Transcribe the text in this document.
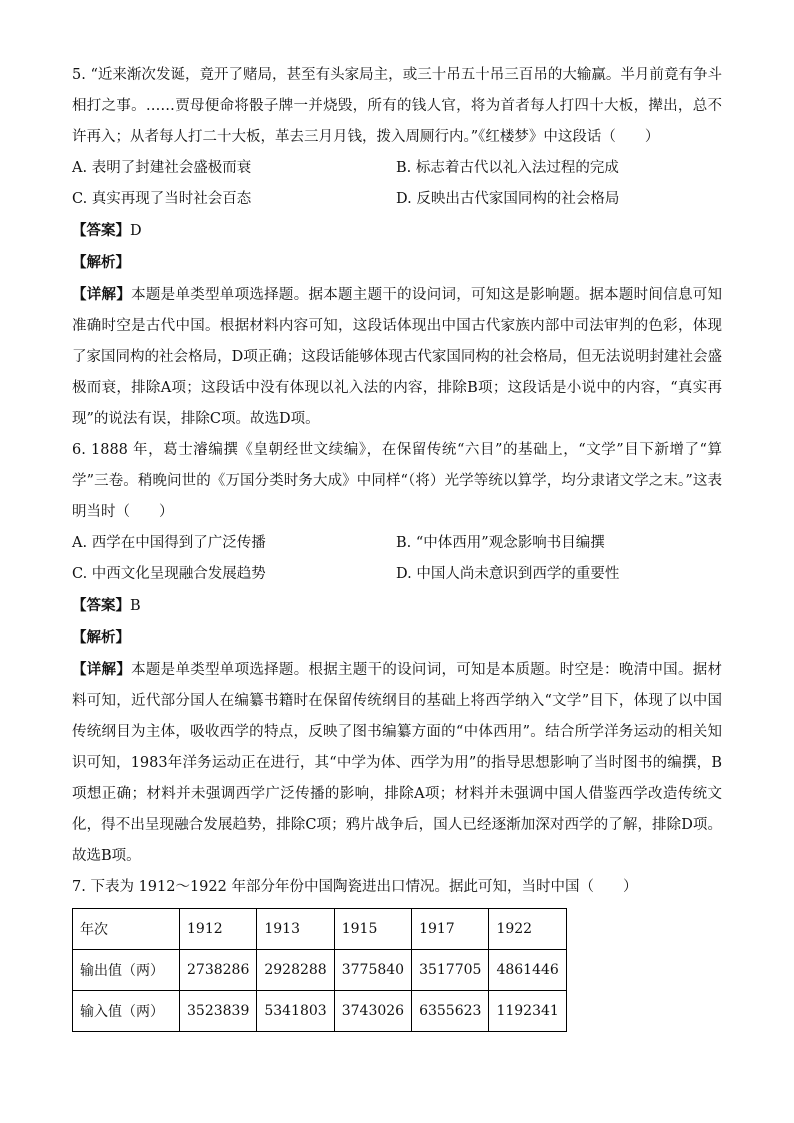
5. “近来渐次发诞，竟开了赌局，甚至有头家局主，或三十吊五十吊三百吊的大输赢。半月前竟有争斗相打之事。……贾母便命将骰子牌一并烧毁，所有的钱人官，将为首者每人打四十大板，撵出，总不许再入；从者每人打二十大板，革去三月月钱，拨入周厕行内。”《红楼梦》中这段话（　　）

A. 表明了封建社会盛极而衰	B. 标志着古代以礼入法过程的完成
C. 真实再现了当时社会百态	D. 反映出古代家国同构的社会格局

【答案】D

【解析】

【详解】本题是单类型单项选择题。据本题主题干的设问词，可知这是影响题。据本题时间信息可知准确时空是古代中国。根据材料内容可知，这段话体现出中国古代家族内部中司法审判的色彩，体现了家国同构的社会格局，D项正确；这段话能够体现古代家国同构的社会格局，但无法说明封建社会盛极而衰，排除A项；这段话中没有体现以礼入法的内容，排除B项；这段话是小说中的内容，“真实再现”的说法有误，排除C项。故选D项。

6. 1888 年，葛士濬编撰《皇朝经世文续编》，在保留传统“六目”的基础上，“文学”目下新增了“算学”三卷。稍晚问世的《万国分类时务大成》中同样“（将）光学等统以算学，均分隶诸文学之末。”这表明当时（　　）

A. 西学在中国得到了广泛传播	B. “中体西用”观念影响书目编撰
C. 中西文化呈现融合发展趋势	D. 中国人尚未意识到西学的重要性

【答案】B

【解析】

【详解】本题是单类型单项选择题。根据主题干的设问词，可知是本质题。时空是：晚清中国。据材料可知，近代部分国人在编纂书籍时在保留传统纲目的基础上将西学纳入“文学”目下，体现了以中国传统纲目为主体，吸收西学的特点，反映了图书编纂方面的“中体西用”。结合所学洋务运动的相关知识可知，1983年洋务运动正在进行，其“中学为体、西学为用”的指导思想影响了当时图书的编撰，B项想正确；材料并未强调西学广泛传播的影响，排除A项；材料并未强调中国人借鉴西学改造传统文化，得不出呈现融合发展趋势，排除C项；鸦片战争后，国人已经逐渐加深对西学的了解，排除D项。故选B项。

7. 下表为 1912～1922 年部分年份中国陶瓷进出口情况。据此可知，当时中国（　　）

年次	1912	1913	1915	1917	1922
输出值（两）	2738286	2928288	3775840	3517705	4861446
输入值（两）	3523839	5341803	3743026	6355623	1192341
